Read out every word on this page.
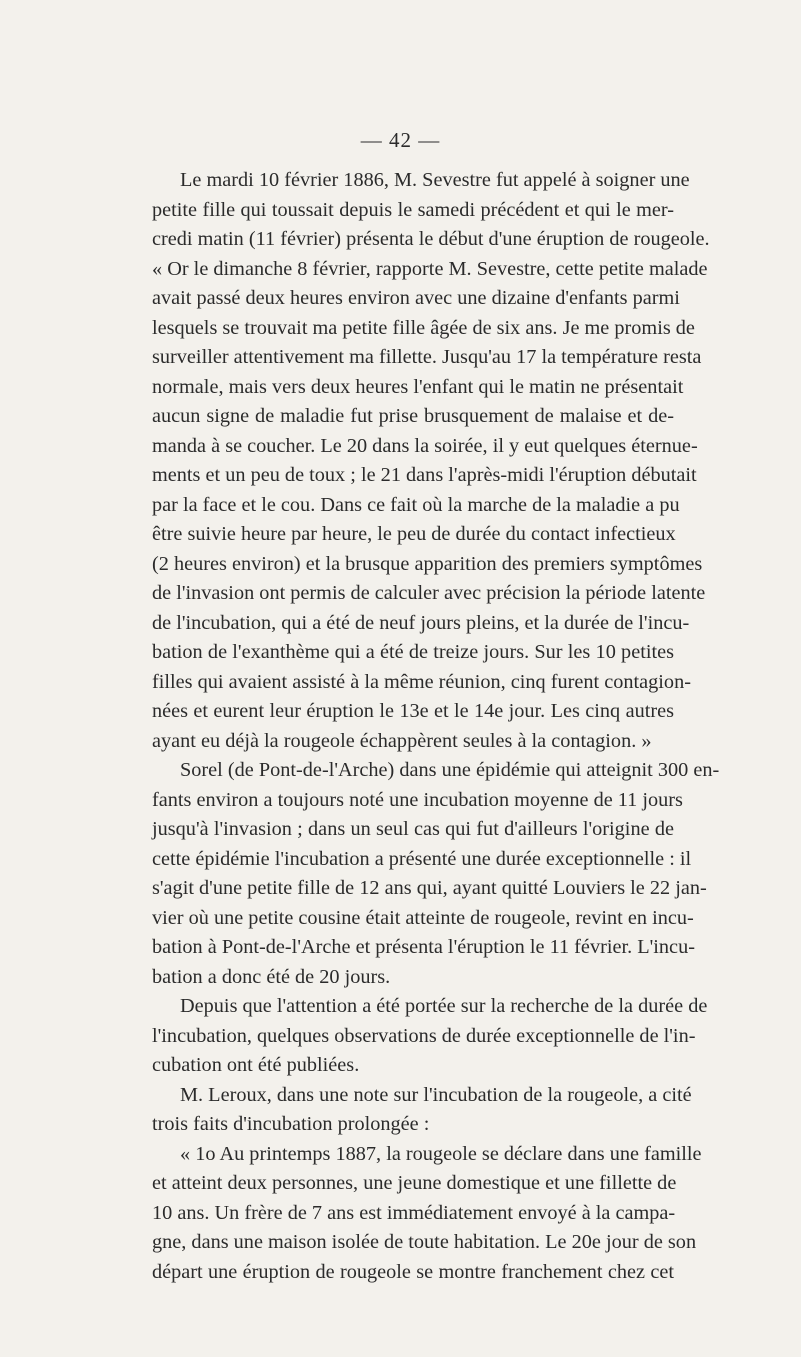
— 42 —
Le mardi 10 février 1886, M. Sevestre fut appelé à soigner une
petite fille qui toussait depuis le samedi précédent et qui le mer-
credi matin (11 février) présenta le début d'une éruption de rougeole.
« Or le dimanche 8 février, rapporte M. Sevestre, cette petite malade
avait passé deux heures environ avec une dizaine d'enfants parmi
lesquels se trouvait ma petite fille âgée de six ans. Je me promis de
surveiller attentivement ma fillette. Jusqu'au 17 la température resta
normale, mais vers deux heures l'enfant qui le matin ne présentait
aucun signe de maladie fut prise brusquement de malaise et de-
manda à se coucher. Le 20 dans la soirée, il y eut quelques éternue-
ments et un peu de toux ; le 21 dans l'après-midi l'éruption débutait
par la face et le cou. Dans ce fait où la marche de la maladie a pu
être suivie heure par heure, le peu de durée du contact infectieux
(2 heures environ) et la brusque apparition des premiers symptômes
de l'invasion ont permis de calculer avec précision la période latente
de l'incubation, qui a été de neuf jours pleins, et la durée de l'incu-
bation de l'exanthème qui a été de treize jours. Sur les 10 petites
filles qui avaient assisté à la même réunion, cinq furent contagion-
nées et eurent leur éruption le 13e et le 14e jour. Les cinq autres
ayant eu déjà la rougeole échappèrent seules à la contagion. »
Sorel (de Pont-de-l'Arche) dans une épidémie qui atteignit 300 en-
fants environ a toujours noté une incubation moyenne de 11 jours
jusqu'à l'invasion ; dans un seul cas qui fut d'ailleurs l'origine de
cette épidémie l'incubation a présenté une durée exceptionnelle : il
s'agit d'une petite fille de 12 ans qui, ayant quitté Louviers le 22 jan-
vier où une petite cousine était atteinte de rougeole, revint en incu-
bation à Pont-de-l'Arche et présenta l'éruption le 11 février. L'incu-
bation a donc été de 20 jours.
Depuis que l'attention a été portée sur la recherche de la durée de
l'incubation, quelques observations de durée exceptionnelle de l'in-
cubation ont été publiées.
M. Leroux, dans une note sur l'incubation de la rougeole, a cité
trois faits d'incubation prolongée :
« 1o Au printemps 1887, la rougeole se déclare dans une famille
et atteint deux personnes, une jeune domestique et une fillette de
10 ans. Un frère de 7 ans est immédiatement envoyé à la campa-
gne, dans une maison isolée de toute habitation. Le 20e jour de son
départ une éruption de rougeole se montre franchement chez cet
